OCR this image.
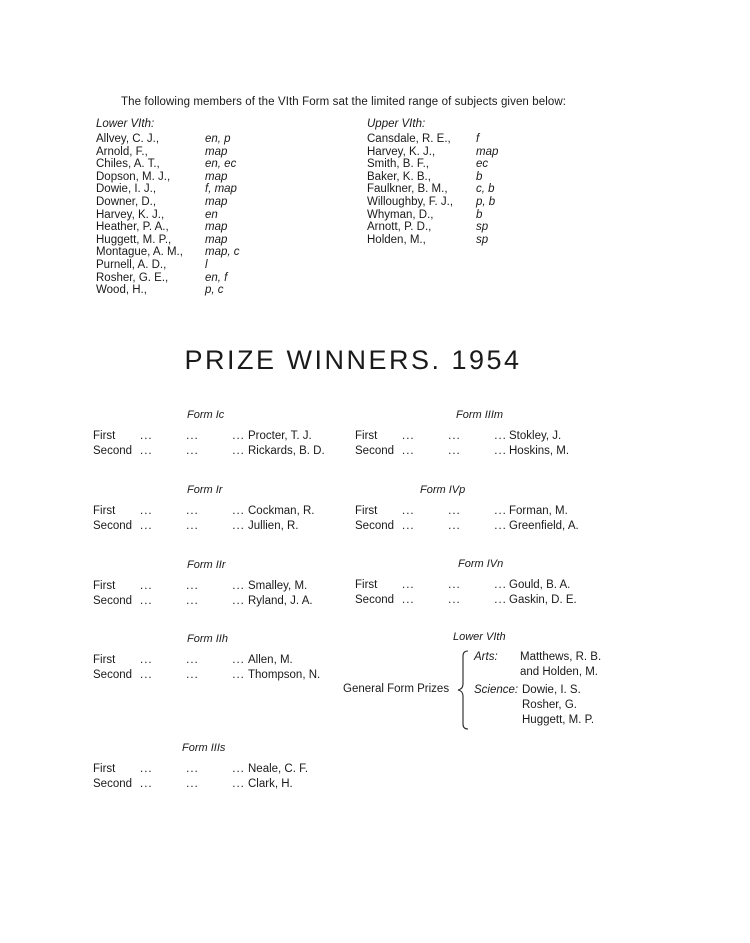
The following members of the VIth Form sat the limited range of subjects given below:
Lower VIth:
Allvey, C. J.,	en, p
Arnold, F.,	map
Chiles, A. T.,	en, ec
Dopson, M. J.,	map
Dowie, I. J.,	f, map
Downer, D.,	map
Harvey, K. J.,	en
Heather, P. A.,	map
Huggett, M. P.,	map
Montague, A. M., map, c
Purnell, A. D.,	l
Rosher, G. E.,	en, f
Wood, H.,	p, c
Upper VIth:
Cansdale, R. E., f
Harvey, K. J.,	map
Smith, B. F.,	ec
Baker, K. B.,	b
Faulkner, B. M., c, b
Willoughby, F. J., p, b
Whyman, D.,	b
Arnott, P. D.,	sp
Holden, M.,	sp
PRIZE WINNERS. 1954
Form Ic
First ...        ...        ... Procter, T. J.
Second ...        ...        ... Rickards, B. D.
Form Ir
First ...        ...        ... Cockman, R.
Second ...        ...        ... Jullien, R.
Form IIr
First ...        ...        ... Smalley, M.
Second ...        ...        ... Ryland, J. A.
Form IIh
First ...        ...        ... Allen, M.
Second ...        ...        ... Thompson, N.
Form IIIs
First ...        ...        ... Neale, C. F.
Second ...        ...        ... Clark, H.
Form IIIm
First ...        ...        ... Stokley, J.
Second ...        ...        ... Hoskins, M.
Form IVp
First ...        ...        ... Forman, M.
Second ...        ...        ... Greenfield, A.
Form IVn
First ...        ...        ... Gould, B. A.
Second ...        ...        ... Gaskin, D. E.
Lower VIth
General Form Prizes
Arts: Matthews, R. B.
and Holden, M.
Science: Dowie, I. S.
Rosher, G.
Huggett, M. P.
